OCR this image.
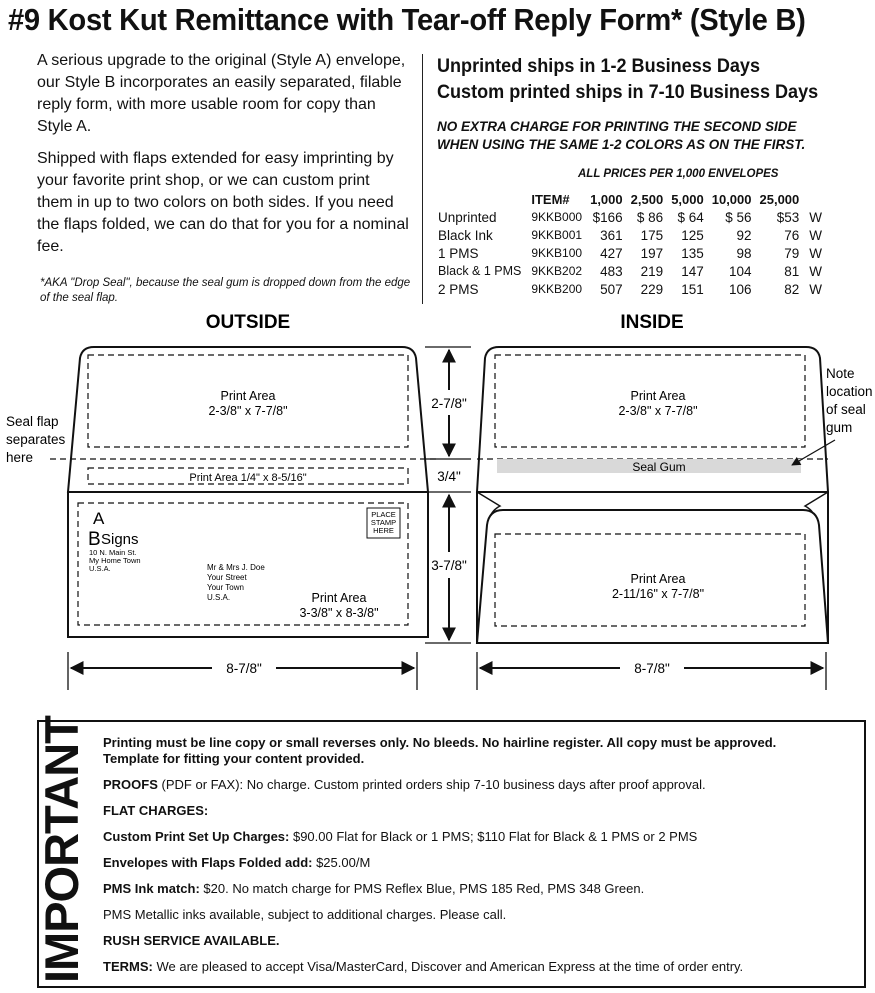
#9 Kost Kut Remittance with Tear-off Reply Form* (Style B)

A serious upgrade to the original (Style A) envelope, our Style B incorporates an easily separated, filable reply form, with more usable room for copy than Style A.

Shipped with flaps extended for easy imprinting by your favorite print shop, or we can custom print them in up to two colors on both sides. If you need the flaps folded, we can do that for you for a nominal fee.

*AKA "Drop Seal", because the seal gum is dropped down from the edge of the seal flap.
Unprinted ships in 1-2 Business Days
Custom printed ships in 7-10 Business Days
NO EXTRA CHARGE FOR PRINTING THE SECOND SIDE
WHEN USING THE SAME 1-2 COLORS AS ON THE FIRST.
ALL PRICES PER 1,000 ENVELOPES
	ITEM#	1,000	2,500	5,000	10,000	25,000	
Unprinted	9KKB000	$166	$ 86	$ 64	$ 56	$53	W
Black Ink	9KKB001	361	175	125	92	76	W
1 PMS	9KKB100	427	197	135	98	79	W
Black & 1 PMS	9KKB202	483	219	147	104	81	W
2 PMS	9KKB200	507	229	151	106	82	W
OUTSIDE	INSIDE
Print Area
2-3/8" x 7-7/8"
Print Area 1/4" x 8-5/16"
A
B Signs
10 N. Main St.
My Home Town
U.S.A.
PLACE
STAMP
HERE
Mr & Mrs J. Doe
Your Street
Your Town
U.S.A.	Print Area
3-3/8" x 8-3/8"
Seal flap
separates
here
2-7/8"
3/4"
3-7/8"
Seal Gum
Print Area
2-3/8" x 7-7/8"
Print Area
2-11/16" x 7-7/8"
Note
location
of seal
gum
8-7/8"	8-7/8"
IMPORTANT Printing must be line copy or small reverses only. No bleeds. No hairline register. All copy must be approved.

Template for fitting your content provided.

PROOFS (PDF or FAX): No charge. Custom printed orders ship 7-10 business days after proof approval.

FLAT CHARGES:

Custom Print Set Up Charges: $90.00 Flat for Black or 1 PMS; $110 Flat for Black & 1 PMS or 2 PMS

Envelopes with Flaps Folded add: $25.00/M

PMS Ink match: $20. No match charge for PMS Reflex Blue, PMS 185 Red, PMS 348 Green.

PMS Metallic inks available, subject to additional charges. Please call.

RUSH SERVICE AVAILABLE.

TERMS: We are pleased to accept Visa/MasterCard, Discover and American Express at the time of order entry.
